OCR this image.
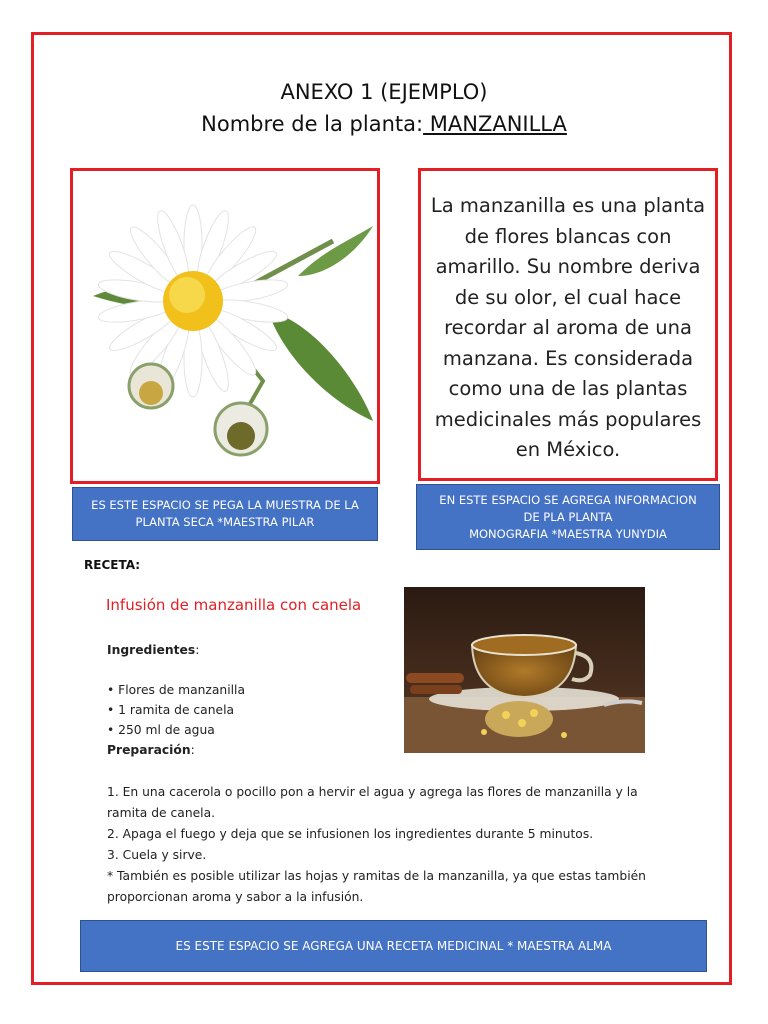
ANEXO 1 (EJEMPLO)
Nombre de la planta: MANZANILLA
La manzanilla es una planta de flores blancas con amarillo. Su nombre deriva de su olor, el cual hace recordar al aroma de una manzana. Es considerada como una de las plantas medicinales más populares en México.
ES ESTE ESPACIO SE PEGA LA MUESTRA DE LA
PLANTA SECA *MAESTRA PILAR
EN ESTE ESPACIO SE AGREGA INFORMACION
DE PLA PLANTA
MONOGRAFIA *MAESTRA YUNYDIA
RECETA:
Infusión de manzanilla con canela
Ingredientes:
• Flores de manzanilla
• 1 ramita de canela
• 250 ml de agua
Preparación:
1. En una cacerola o pocillo pon a hervir el agua y agrega las flores de manzanilla y la ramita de canela.
2. Apaga el fuego y deja que se infusionen los ingredientes durante 5 minutos.
3. Cuela y sirve.
* También es posible utilizar las hojas y ramitas de la manzanilla, ya que estas también proporcionan aroma y sabor a la infusión.
ES ESTE ESPACIO SE AGREGA UNA RECETA MEDICINAL * MAESTRA ALMA
